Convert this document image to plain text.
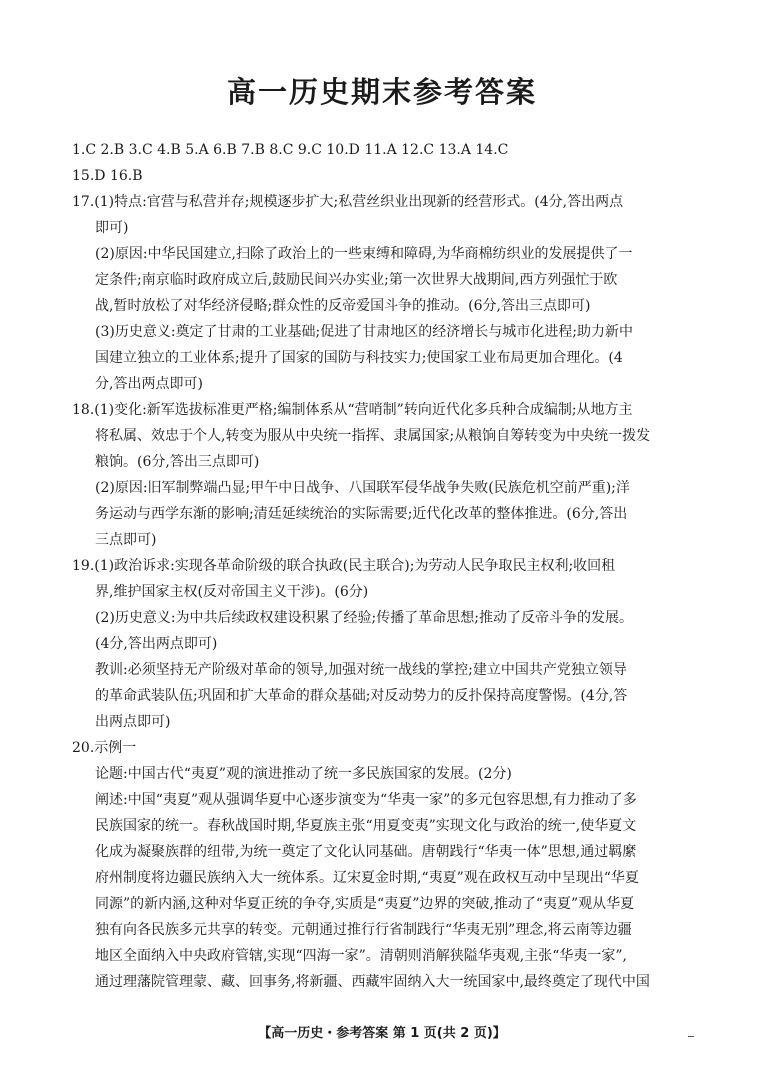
高一历史期末参考答案
1.C 2.B 3.C 4.B 5.A 6.B 7.B 8.C 9.C 10.D 11.A 12.C 13.A 14.C
15.D 16.B
17.(1)特点:官营与私营并存;规模逐步扩大;私营丝织业出现新的经营形式。(4分,答出两点
即可)
(2)原因:中华民国建立,扫除了政治上的一些束缚和障碍,为华商棉纺织业的发展提供了一
定条件;南京临时政府成立后,鼓励民间兴办实业;第一次世界大战期间,西方列强忙于欧
战,暂时放松了对华经济侵略;群众性的反帝爱国斗争的推动。(6分,答出三点即可)
(3)历史意义:奠定了甘肃的工业基础;促进了甘肃地区的经济增长与城市化进程;助力新中
国建立独立的工业体系;提升了国家的国防与科技实力;使国家工业布局更加合理化。(4
分,答出两点即可)
18.(1)变化:新军选拔标准更严格;编制体系从“营哨制”转向近代化多兵种合成编制;从地方主
将私属、效忠于个人,转变为服从中央统一指挥、隶属国家;从粮饷自筹转变为中央统一拨发
粮饷。(6分,答出三点即可)
(2)原因:旧军制弊端凸显;甲午中日战争、八国联军侵华战争失败(民族危机空前严重);洋
务运动与西学东渐的影响;清廷延续统治的实际需要;近代化改革的整体推进。(6分,答出
三点即可)
19.(1)政治诉求:实现各革命阶级的联合执政(民主联合);为劳动人民争取民主权利;收回租
界,维护国家主权(反对帝国主义干涉)。(6分)
(2)历史意义:为中共后续政权建设积累了经验;传播了革命思想;推动了反帝斗争的发展。
(4分,答出两点即可)
教训:必须坚持无产阶级对革命的领导,加强对统一战线的掌控;建立中国共产党独立领导
的革命武装队伍;巩固和扩大革命的群众基础;对反动势力的反扑保持高度警惕。(4分,答
出两点即可)
20.示例一
论题:中国古代“夷夏”观的演进推动了统一多民族国家的发展。(2分)
阐述:中国“夷夏”观从强调华夏中心逐步演变为“华夷一家”的多元包容思想,有力推动了多
民族国家的统一。春秋战国时期,华夏族主张“用夏变夷”实现文化与政治的统一,使华夏文
化成为凝聚族群的纽带,为统一奠定了文化认同基础。唐朝践行“华夷一体”思想,通过羁縻
府州制度将边疆民族纳入大一统体系。辽宋夏金时期,“夷夏”观在政权互动中呈现出“华夏
同源”的新内涵,这种对华夏正统的争夺,实质是“夷夏”边界的突破,推动了“夷夏”观从华夏
独有向各民族多元共享的转变。元朝通过推行行省制践行“华夷无别”理念,将云南等边疆
地区全面纳入中央政府管辖,实现“四海一家”。清朝则消解狭隘华夷观,主张“华夷一家”,
通过理藩院管理蒙、藏、回事务,将新疆、西藏牢固纳入大一统国家中,最终奠定了现代中国
【高一历史・参考答案 第 1 页(共 2 页)】
